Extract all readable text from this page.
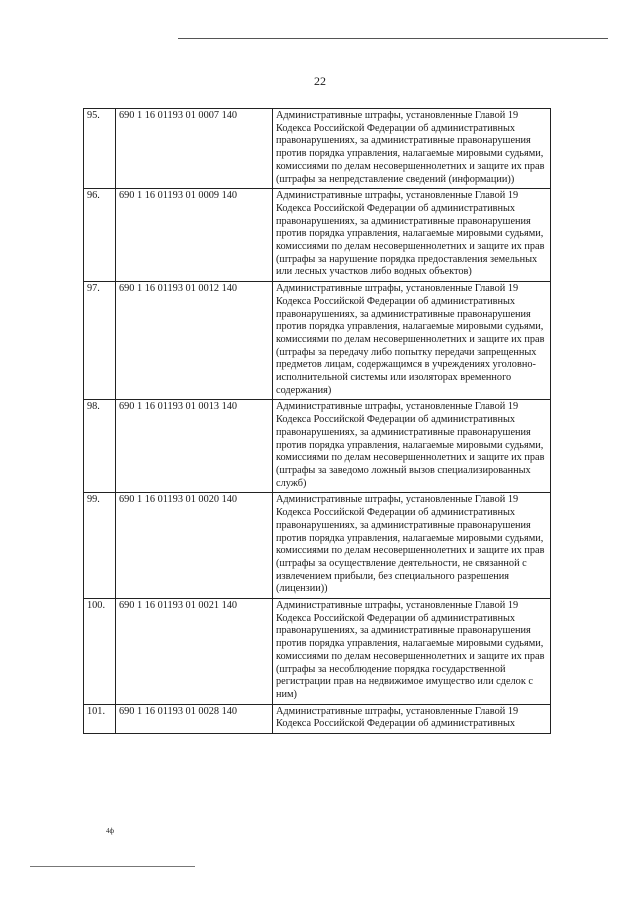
22
95.	690 1 16 01193 01 0007 140	Административные штрафы, установленные Главой 19 Кодекса Российской Федерации об административных правонарушениях, за административные правонарушения против порядка управления, налагаемые мировыми судьями, комиссиями по делам несовершеннолетних и защите их прав (штрафы за непредставление сведений (информации))
96.	690 1 16 01193 01 0009 140	Административные штрафы, установленные Главой 19 Кодекса Российской Федерации об административных правонарушениях, за административные правонарушения против порядка управления, налагаемые мировыми судьями, комиссиями по делам несовершеннолетних и защите их прав (штрафы за нарушение порядка предоставления земельных или лесных участков либо водных объектов)
97.	690 1 16 01193 01 0012 140	Административные штрафы, установленные Главой 19 Кодекса Российской Федерации об административных правонарушениях, за административные правонарушения против порядка управления, налагаемые мировыми судьями, комиссиями по делам несовершеннолетних и защите их прав (штрафы за передачу либо попытку передачи запрещенных предметов лицам, содержащимся в учреждениях уголовно-исполнительной системы или изоляторах временного содержания)
98.	690 1 16 01193 01 0013 140	Административные штрафы, установленные Главой 19 Кодекса Российской Федерации об административных правонарушениях, за административные правонарушения против порядка управления, налагаемые мировыми судьями, комиссиями по делам несовершеннолетних и защите их прав (штрафы за заведомо ложный вызов специализированных служб)
99.	690 1 16 01193 01 0020 140	Административные штрафы, установленные Главой 19 Кодекса Российской Федерации об административных правонарушениях, за административные правонарушения против порядка управления, налагаемые мировыми судьями, комиссиями по делам несовершеннолетних и защите их прав (штрафы за осуществление деятельности, не связанной с извлечением прибыли, без специального разрешения (лицензии))
100.	690 1 16 01193 01 0021 140	Административные штрафы, установленные Главой 19 Кодекса Российской Федерации об административных правонарушениях, за административные правонарушения против порядка управления, налагаемые мировыми судьями, комиссиями по делам несовершеннолетних и защите их прав (штрафы за несоблюдение порядка государственной регистрации прав на недвижимое имущество или сделок с ним)
101.	690 1 16 01193 01 0028 140	Административные штрафы, установленные Главой 19 Кодекса Российской Федерации об административных
4ф
